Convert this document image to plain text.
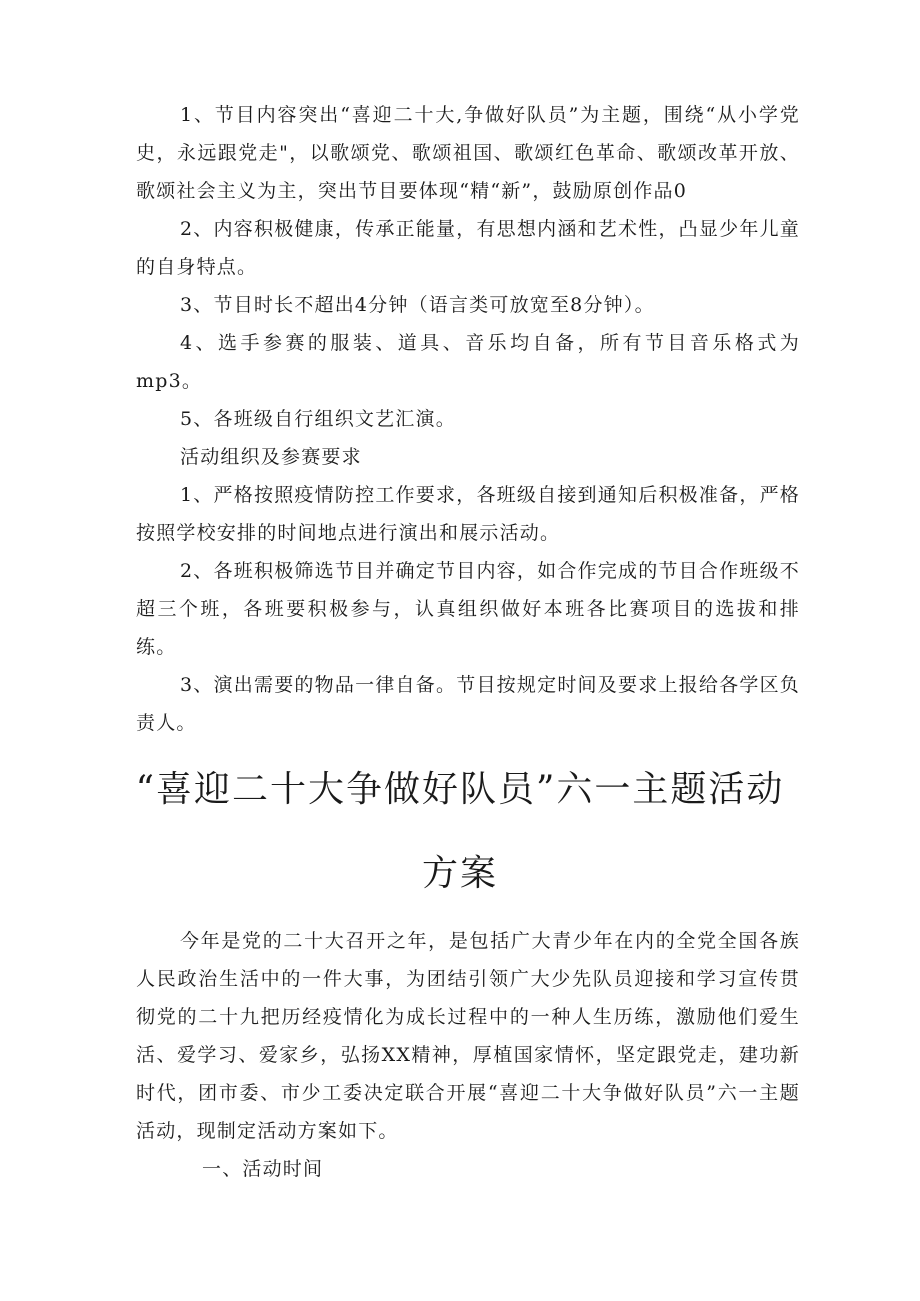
1、节目内容突出“喜迎二十大,争做好队员”为主题，围绕“从小学党史，永远跟党走"，以歌颂党、歌颂祖国、歌颂红色革命、歌颂改革开放、歌颂社会主义为主，突出节目要体现“精“新”，鼓励原创作品0

2、内容积极健康，传承正能量，有思想内涵和艺术性，凸显少年儿童的自身特点。

3、节目时长不超出4分钟（语言类可放宽至8分钟）。

4、选手参赛的服装、道具、音乐均自备，所有节目音乐格式为mp3。

5、各班级自行组织文艺汇演。

活动组织及参赛要求

1、严格按照疫情防控工作要求，各班级自接到通知后积极准备，严格按照学校安排的时间地点进行演出和展示活动。

2、各班积极筛选节目并确定节目内容，如合作完成的节目合作班级不超三个班，各班要积极参与，认真组织做好本班各比赛项目的选拔和排练。

3、演出需要的物品一律自备。节目按规定时间及要求上报给各学区负责人。

“喜迎二十大争做好队员”六一主题活动方案

今年是党的二十大召开之年，是包括广大青少年在内的全党全国各族人民政治生活中的一件大事，为团结引领广大少先队员迎接和学习宣传贯彻党的二十九把历经疫情化为成长过程中的一种人生历练，激励他们爱生活、爱学习、爱家乡，弘扬XX精神，厚植国家情怀，坚定跟党走，建功新时代，团市委、市少工委决定联合开展“喜迎二十大争做好队员”六一主题活动，现制定活动方案如下。

一、活动时间
